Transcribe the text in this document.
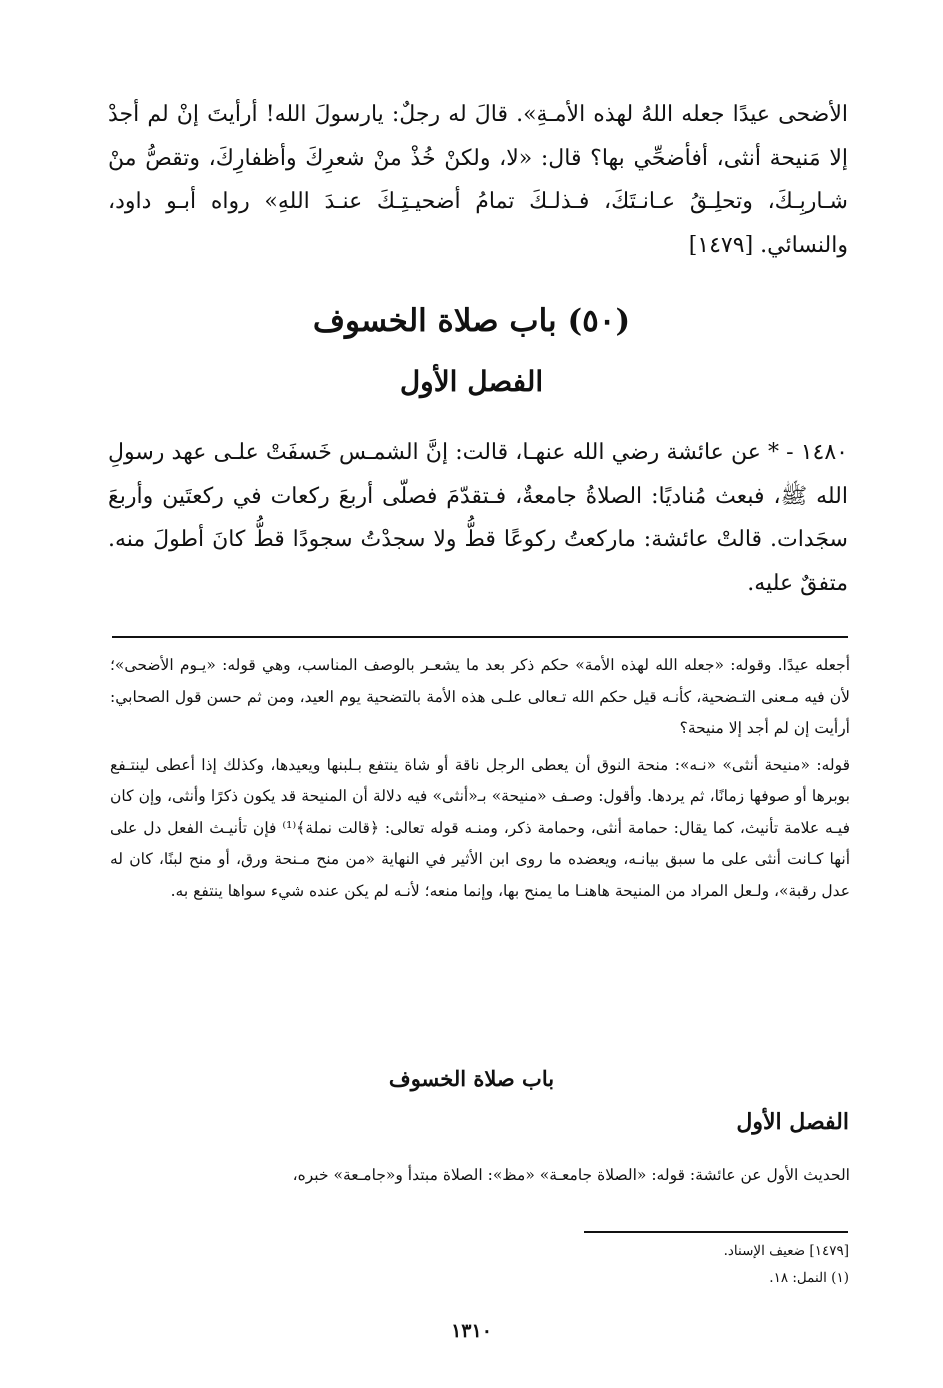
الأضحى عيدًا جعله اللهُ لهذه الأمـةِ». قالَ له رجلٌ: يارسولَ الله! أرأيتَ إنْ لم أجدْ إلا مَنيحة أنثى، أفأضحِّي بها؟ قال: «لا، ولكنْ خُذْ منْ شعرِكَ وأظفارِكَ، وتقصُّ منْ شـاربِـكَ، وتحلِـقُ عـانـتَكَ، فـذلـكَ تمامُ أضحيـتِـكَ عنـدَ اللهِ» رواه أبـو داود، والنسائي. [١٤٧٩]
(٥٠) باب صلاة الخسوف
الفصل الأول
١٤٨٠ - * عن عائشة رضي الله عنهـا، قالت: إنَّ الشمـس خَسفَتْ علـى عهد رسولِ الله ﷺ، فبعث مُناديًا: الصلاةُ جامعةٌ، فـتقدّمَ فصلّى أربعَ ركعات في ركعتَين وأربعَ سجَدات. قالتْ عائشة: ماركعتُ ركوعًا قطُّ ولا سجدْتُ سجودًا قطُّ كانَ أطولَ منه. متفقٌ عليه.

أجعله عيدًا. وقوله: «جعله الله لهذه الأمة» حكم ذكر بعد ما يشعـر بالوصف المناسب، وهي قوله: «يـوم الأضحى»؛ لأن فيه مـعنى التـضحية، كأنـه قيل حكم الله تـعالى علـى هذه الأمة بالتضحية يوم العيد، ومن ثم حسن قول الصحابي: أرأيت إن لم أجد إلا منيحة؟

قوله: «منيحة أنثى» «نـه»: منحة النوق أن يعطى الرجل ناقة أو شاة ينتفع بـلبنها ويعيدها، وكذلك إذا أعطى لينتـفع بوبرها أو صوفها زمانًا، ثم يردها. وأقول: وصـف «منيحة» بـ«أنثى» فيه دلالة أن المنيحة قد يكون ذكرًا وأنثى، وإن كان فيـه علامة تأنيث، كما يقال: حمامة أنثى، وحمامة ذكر، ومنـه قوله تعالى: ﴿قالت نملة﴾⁽¹⁾ فإن تأنيـث الفعل دل على أنها كـانت أنثى على ما سبق بيانـه، ويعضده ما روى ابن الأثير في النهاية «من منح مـنحة ورق، أو منح لبنًا، كان له عدل رقبة»، ولـعل المراد من المنيحة هاهنـا ما يمنح بها، وإنما منعه؛ لأنـه لم يكن عنده شيء سواها ينتفع به.

باب صلاة الخسوف
الفصل الأول
الحديث الأول عن عائشة: قوله: «الصلاة جامعـة» «مظ»: الصلاة مبتدأ و«جامـعة» خبره،
[١٤٧٩] ضعيف الإسناد.
(١) النمل: ١٨.
١٣١٠
